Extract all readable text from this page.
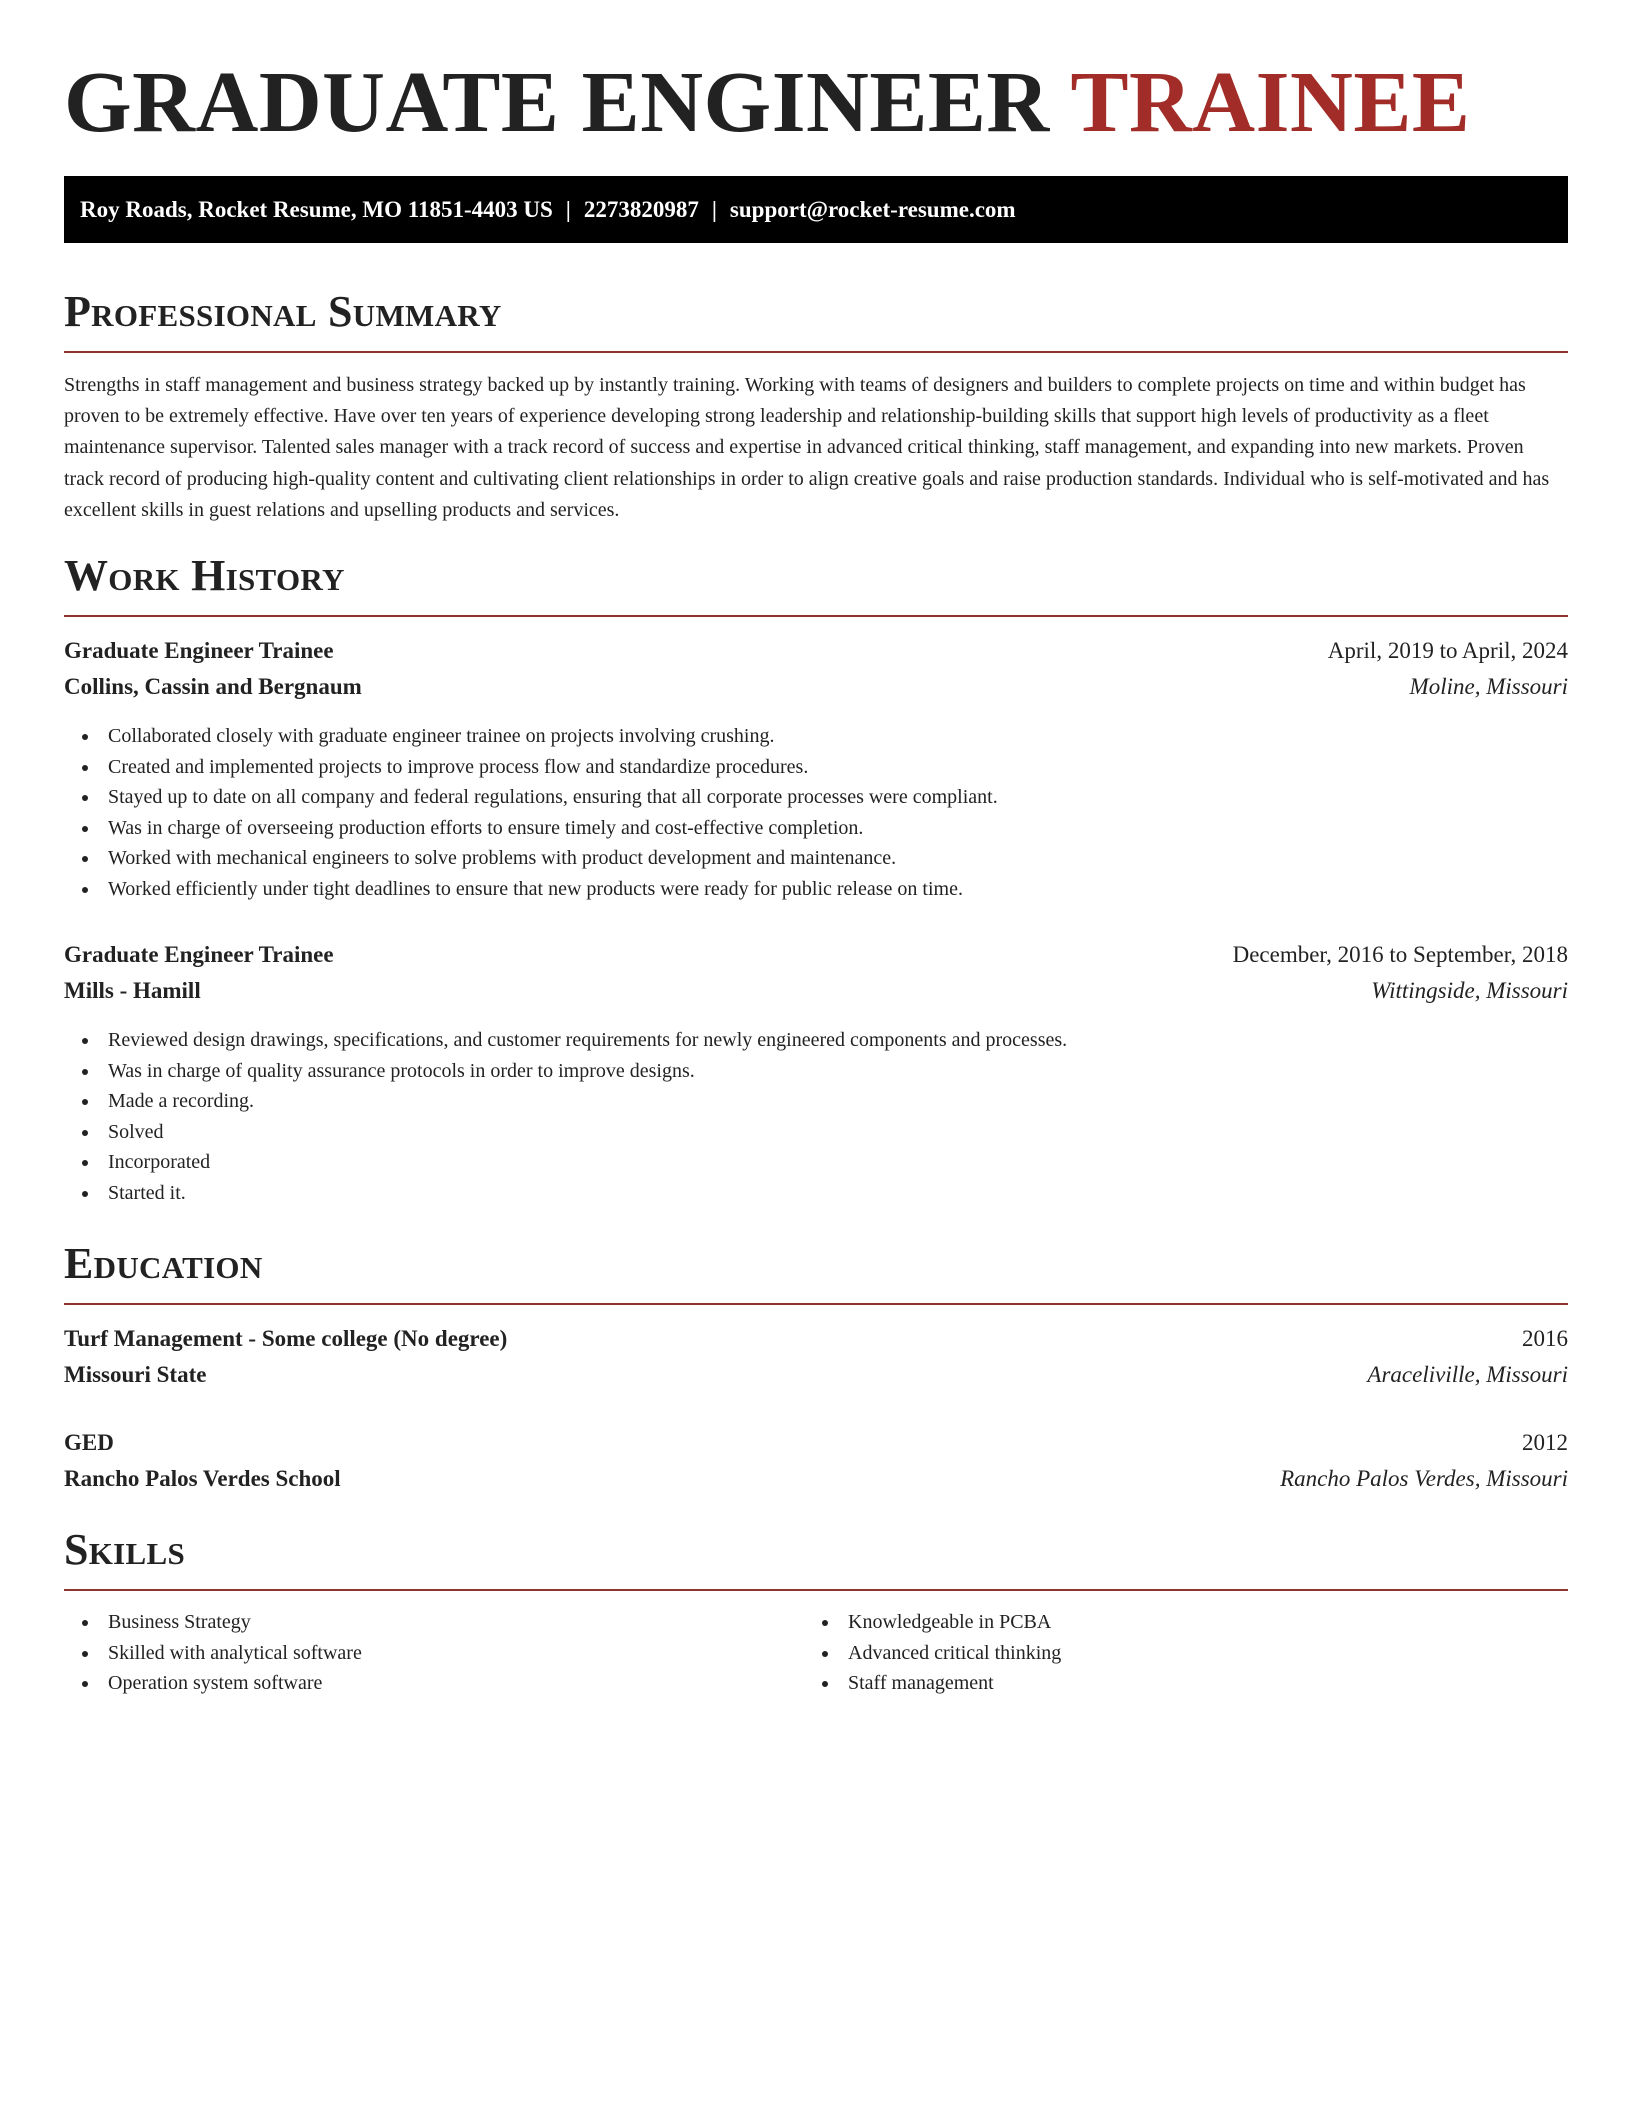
GRADUATE ENGINEER TRAINEE
Roy Roads, Rocket Resume, MO 11851-4403 US | 2273820987 | support@rocket-resume.com
Professional Summary

Strengths in staff management and business strategy backed up by instantly training. Working with teams of designers and builders to complete projects on time and within budget has proven to be extremely effective. Have over ten years of experience developing strong leadership and relationship-building skills that support high levels of productivity as a fleet maintenance supervisor. Talented sales manager with a track record of success and expertise in advanced critical thinking, staff management, and expanding into new markets. Proven track record of producing high-quality content and cultivating client relationships in order to align creative goals and raise production standards. Individual who is self-motivated and has excellent skills in guest relations and upselling products and services.

Work History
Graduate Engineer Trainee	April, 2019 to April, 2024
Collins, Cassin and Bergnaum	Moline, Missouri
Collaborated closely with graduate engineer trainee on projects involving crushing.
Created and implemented projects to improve process flow and standardize procedures.
Stayed up to date on all company and federal regulations, ensuring that all corporate processes were compliant.
Was in charge of overseeing production efforts to ensure timely and cost-effective completion.
Worked with mechanical engineers to solve problems with product development and maintenance.
Worked efficiently under tight deadlines to ensure that new products were ready for public release on time.
Graduate Engineer Trainee	December, 2016 to September, 2018
Mills - Hamill	Wittingside, Missouri
Reviewed design drawings, specifications, and customer requirements for newly engineered components and processes.
Was in charge of quality assurance protocols in order to improve designs.
Made a recording.
Solved
Incorporated
Started it.
Education
Turf Management - Some college (No degree)	2016
Missouri State	Araceliville, Missouri
GED	2012
Rancho Palos Verdes School	Rancho Palos Verdes, Missouri
Skills
Business Strategy
Skilled with analytical software
Operation system software
Knowledgeable in PCBA
Advanced critical thinking
Staff management
